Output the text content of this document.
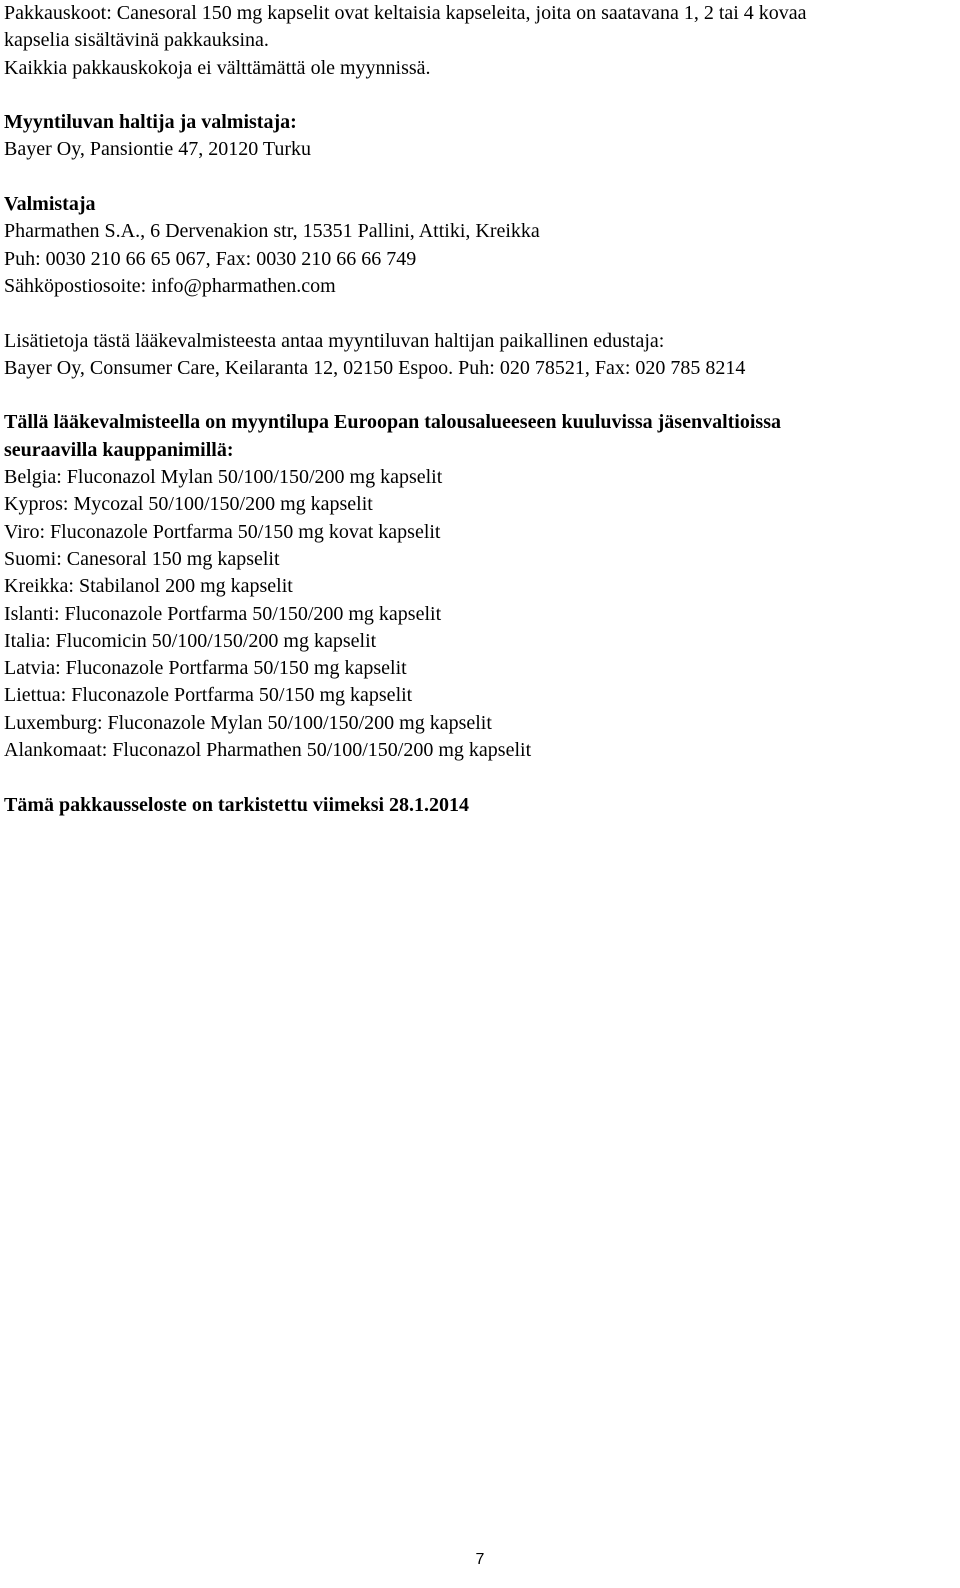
Pakkauskoot: Canesoral 150 mg kapselit ovat keltaisia kapseleita, joita on saatavana 1, 2 tai 4 kovaa

kapselia sisältävinä pakkauksina.

Kaikkia pakkauskokoja ei välttämättä ole myynnissä.

Myyntiluvan haltija ja valmistaja:

Bayer Oy, Pansiontie 47, 20120 Turku

Valmistaja

Pharmathen S.A., 6 Dervenakion str, 15351 Pallini, Attiki, Kreikka

Puh: 0030 210 66 65 067, Fax: 0030 210 66 66 749

Sähköpostiosoite: info@pharmathen.com

Lisätietoja tästä lääkevalmisteesta antaa myyntiluvan haltijan paikallinen edustaja:

Bayer Oy, Consumer Care, Keilaranta 12, 02150 Espoo. Puh: 020 78521, Fax: 020 785 8214

Tällä lääkevalmisteella on myyntilupa Euroopan talousalueeseen kuuluvissa jäsenvaltioissa

seuraavilla kauppanimillä:

Belgia: Fluconazol Mylan 50/100/150/200 mg kapselit

Kypros: Mycozal 50/100/150/200 mg kapselit

Viro: Fluconazole Portfarma 50/150 mg kovat kapselit

Suomi: Canesoral 150 mg kapselit

Kreikka: Stabilanol 200 mg kapselit

Islanti: Fluconazole Portfarma 50/150/200 mg kapselit

Italia: Flucomicin 50/100/150/200 mg kapselit

Latvia: Fluconazole Portfarma 50/150 mg kapselit

Liettua: Fluconazole Portfarma 50/150 mg kapselit

Luxemburg: Fluconazole Mylan 50/100/150/200 mg kapselit

Alankomaat: Fluconazol Pharmathen 50/100/150/200 mg kapselit

Tämä pakkausseloste on tarkistettu viimeksi 28.1.2014

7
